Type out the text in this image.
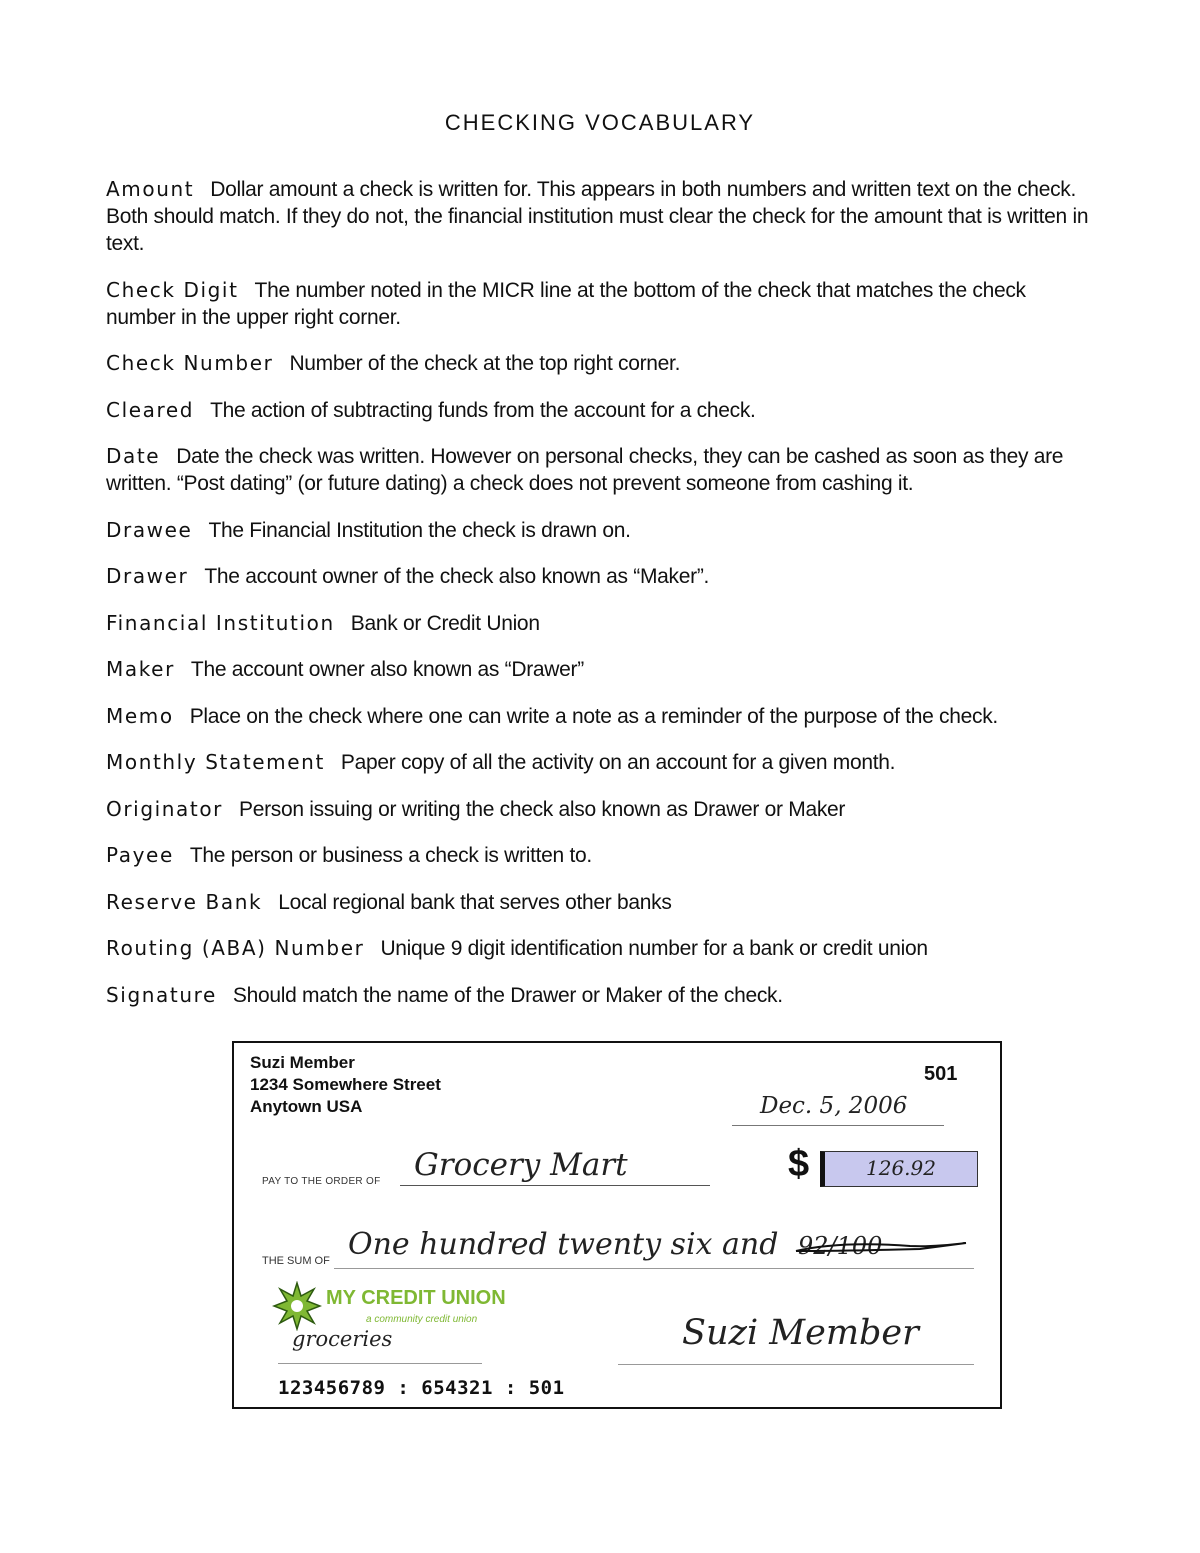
CHECKING VOCABULARY
Amount Dollar amount a check is written for. This appears in both numbers and written text on the check. Both should match. If they do not, the financial institution must clear the check for the amount that is written in text.
Check Digit The number noted in the MICR line at the bottom of the check that matches the check number in the upper right corner.
Check Number Number of the check at the top right corner.
Cleared The action of subtracting funds from the account for a check.
Date Date the check was written. However on personal checks, they can be cashed as soon as they are written. “Post dating” (or future dating) a check does not prevent someone from cashing it.
Drawee The Financial Institution the check is drawn on.
Drawer The account owner of the check also known as “Maker”.
Financial Institution Bank or Credit Union
Maker The account owner also known as “Drawer”
Memo Place on the check where one can write a note as a reminder of the purpose of the check.
Monthly Statement Paper copy of all the activity on an account for a given month.
Originator Person issuing or writing the check also known as Drawer or Maker
Payee The person or business a check is written to.
Reserve Bank Local regional bank that serves other banks
Routing (ABA) Number Unique 9 digit identification number for a bank or credit union
Signature Should match the name of the Drawer or Maker of the check.
Suzi Member
1234 Somewhere Street
Anytown USA
501
Dec. 5, 2006
PAY TO THE ORDER OF Grocery Mart	$	126.92
THE SUM OF One hundred twenty six and 92/100
MY CREDIT UNION
a community credit union
groceries	Suzi Member
123456789 : 654321 : 501
